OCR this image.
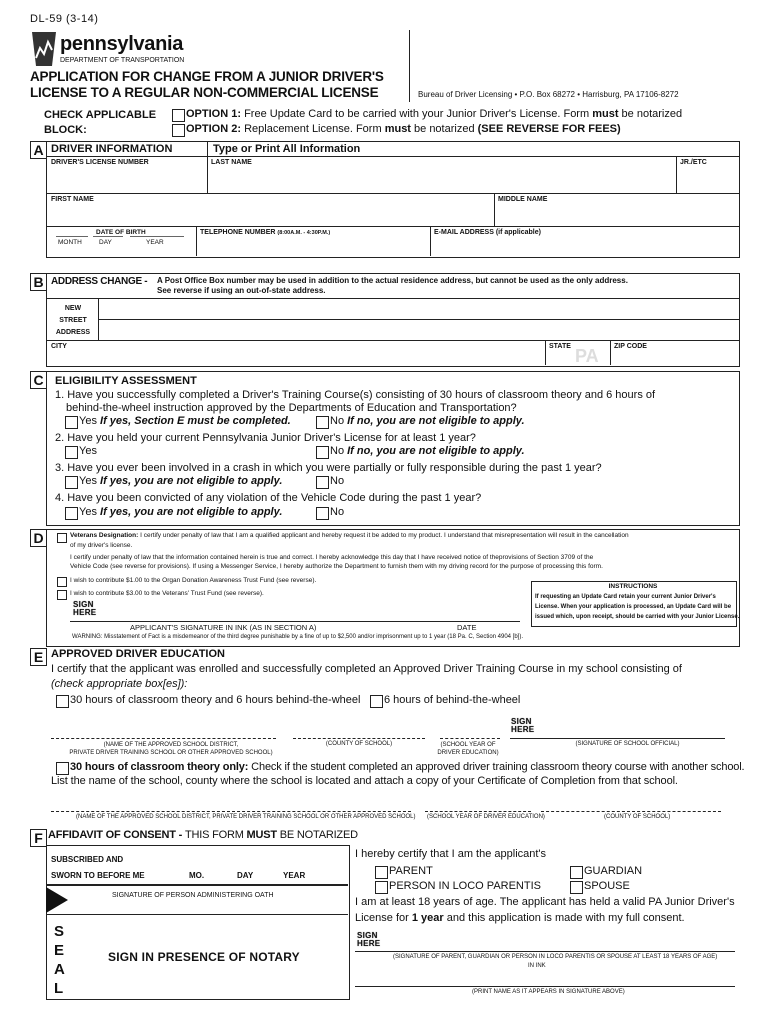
DL-59 (3-14)
pennsylvania
DEPARTMENT OF TRANSPORTATION
APPLICATION FOR CHANGE FROM A JUNIOR DRIVER'S
LICENSE TO A REGULAR NON-COMMERCIAL LICENSE	Bureau of Driver Licensing • P.O. Box 68272 • Harrisburg, PA 17106-8272
CHECK APPLICABLE
BLOCK:
OPTION 1: Free Update Card to be carried with your Junior Driver's License. Form must be notarized
OPTION 2: Replacement License. Form must be notarized (SEE REVERSE FOR FEES)
A DRIVER INFORMATION	Type or Print All Information
DRIVER'S LICENSE NUMBER	LAST NAME	JR./ETC
FIRST NAME	MIDDLE NAME
DATE OF BIRTH
MONTH	DAY	YEAR
TELEPHONE NUMBER (8:00A.M. - 4:30P.M.)	E-MAIL ADDRESS (if applicable)
B ADDRESS CHANGE - A Post Office Box number may be used in addition to the actual residence address, but cannot be used as the only address.
See reverse if using an out-of-state address.
NEW
STREET
ADDRESS
CITY	STATE PA ZIP CODE
C	ELIGIBILITY ASSESSMENT
1. Have you successfully completed a Driver's Training Course(s) consisting of 30 hours of classroom theory and 6 hours of
behind-the-wheel instruction approved by the Departments of Education and Transportation?
Yes If yes, Section E must be completed.	No If no, you are not eligible to apply.
2. Have you held your current Pennsylvania Junior Driver's License for at least 1 year?
Yes	No If no, you are not eligible to apply.
3. Have you ever been involved in a crash in which you were partially or fully responsible during the past 1 year?
Yes If yes, you are not eligible to apply.	No
4. Have you been convicted of any violation of the Vehicle Code during the past 1 year?
Yes If yes, you are not eligible to apply.	No
D	Veterans Designation: I certify under penalty of law that I am a qualified applicant and hereby request it be added to my product. I understand that misrepresentation will result in the cancellation
of my driver's license.
I certify under penalty of law that the information contained herein is true and correct. I hereby acknowledge this day that I have received notice of theprovisions of Section 3709 of the
Vehicle Code (see reverse for provisions). If using a Messenger Service, I hereby authorize the Department to furnish them with my driving record for the purpose of processing this form.
I wish to contribute $1.00 to the Organ Donation Awareness Trust Fund (see reverse).
I wish to contribute $3.00 to the Veterans' Trust Fund (see reverse).
INSTRUCTIONS
If requesting an Update Card retain your current Junior Driver's
License. When your application is processed, an Update Card will be
issued which, upon receipt, should be carried with your Junior License.
SIGN
HERE
APPLICANT'S SIGNATURE IN INK (AS IN SECTION A)	DATE
WARNING: Misstatement of Fact is a misdemeanor of the third degree punishable by a fine of up to $2,500 and/or imprisonment up to 1 year (18 Pa. C, Section 4904 [b]).
E APPROVED DRIVER EDUCATION
I certify that the applicant was enrolled and successfully completed an Approved Driver Training Course in my school consisting of
(check appropriate box[es]):
30 hours of classroom theory and 6 hours behind-the-wheel 6 hours of behind-the-wheel
SIGN
HERE
(NAME OF THE APPROVED SCHOOL DISTRICT,
PRIVATE DRIVER TRAINING SCHOOL OR OTHER APPROVED SCHOOL)
(COUNTY OF SCHOOL)	(SCHOOL YEAR OF
DRIVER EDUCATION)
(SIGNATURE OF SCHOOL OFFICIAL)
30 hours of classroom theory only: Check if the student completed an approved driver training classroom theory course with another school.
List the name of the school, county where the school is located and attach a copy of your Certificate of Completion from that school.
(NAME OF THE APPROVED SCHOOL DISTRICT, PRIVATE DRIVER TRAINING SCHOOL OR OTHER APPROVED SCHOOL) (SCHOOL YEAR OF DRIVER EDUCATION)	(COUNTY OF SCHOOL)
F AFFIDAVIT OF CONSENT - THIS FORM MUST BE NOTARIZED
SUBSCRIBED AND
SWORN TO BEFORE ME	MO.	DAY	YEAR
SIGNATURE OF PERSON ADMINISTERING OATH
S
E
A
L
SIGN IN PRESENCE OF NOTARY
I hereby certify that I am the applicant's
PARENT	GUARDIAN
PERSON IN LOCO PARENTIS	SPOUSE
I am at least 18 years of age. The applicant has held a valid PA Junior Driver's
License for 1 year and this application is made with my full consent.
SIGN
HERE
(SIGNATURE OF PARENT, GUARDIAN OR PERSON IN LOCO PARENTIS OR SPOUSE AT LEAST 18 YEARS OF AGE)
IN INK
(PRINT NAME AS IT APPEARS IN SIGNATURE ABOVE)
